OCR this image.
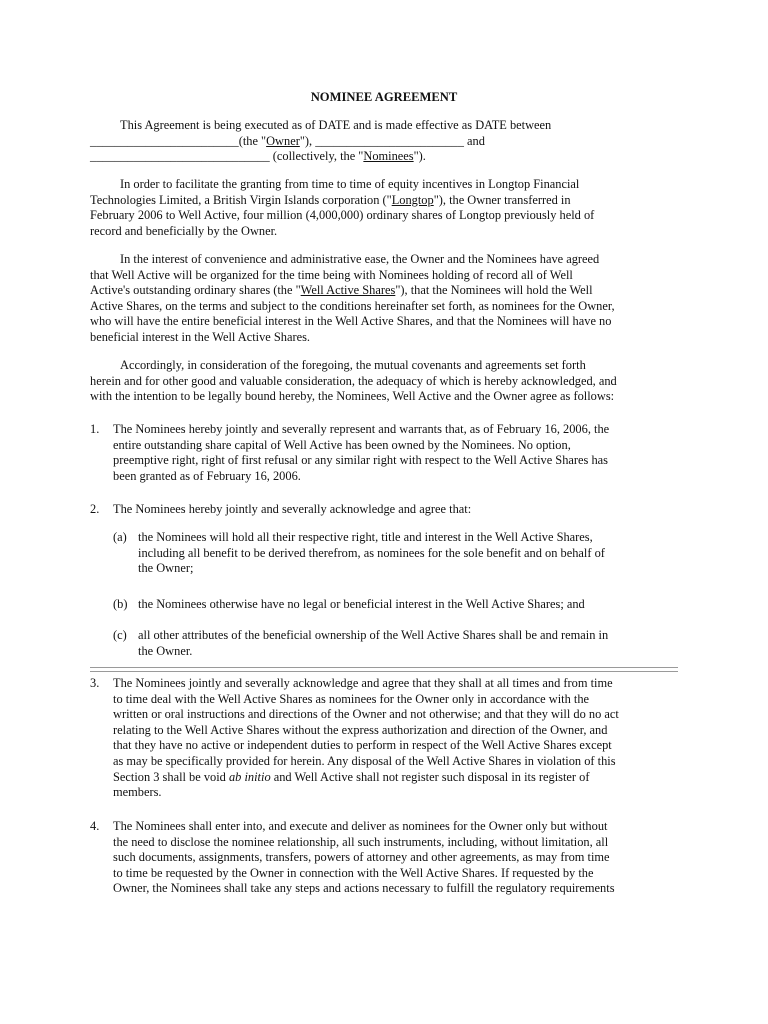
NOMINEE AGREEMENT
This Agreement is being executed as of DATE and is made effective as DATE between
________________________(the "Owner"), ________________________ and
_____________________________ (collectively, the "Nominees").
In order to facilitate the granting from time to time of equity incentives in Longtop Financial
Technologies Limited, a British Virgin Islands corporation ("Longtop"), the Owner transferred in
February 2006 to Well Active, four million (4,000,000) ordinary shares of Longtop previously held of
record and beneficially by the Owner.
In the interest of convenience and administrative ease, the Owner and the Nominees have agreed
that Well Active will be organized for the time being with Nominees holding of record all of Well
Active's outstanding ordinary shares (the "Well Active Shares"), that the Nominees will hold the Well
Active Shares, on the terms and subject to the conditions hereinafter set forth, as nominees for the Owner,
who will have the entire beneficial interest in the Well Active Shares, and that the Nominees will have no
beneficial interest in the Well Active Shares.
Accordingly, in consideration of the foregoing, the mutual covenants and agreements set forth
herein and for other good and valuable consideration, the adequacy of which is hereby acknowledged, and
with the intention to be legally bound hereby, the Nominees, Well Active and the Owner agree as follows:
1. The Nominees hereby jointly and severally represent and warrants that, as of February 16, 2006, the
entire outstanding share capital of Well Active has been owned by the Nominees. No option,
preemptive right, right of first refusal or any similar right with respect to the Well Active Shares has
been granted as of February 16, 2006.
2. The Nominees hereby jointly and severally acknowledge and agree that:
(a) the Nominees will hold all their respective right, title and interest in the Well Active Shares,
including all benefit to be derived therefrom, as nominees for the sole benefit and on behalf of
the Owner;
(b) the Nominees otherwise have no legal or beneficial interest in the Well Active Shares; and
(c) all other attributes of the beneficial ownership of the Well Active Shares shall be and remain in
the Owner.
3. The Nominees jointly and severally acknowledge and agree that they shall at all times and from time
to time deal with the Well Active Shares as nominees for the Owner only in accordance with the
written or oral instructions and directions of the Owner and not otherwise; and that they will do no act
relating to the Well Active Shares without the express authorization and direction of the Owner, and
that they have no active or independent duties to perform in respect of the Well Active Shares except
as may be specifically provided for herein. Any disposal of the Well Active Shares in violation of this
Section 3 shall be void ab initio and Well Active shall not register such disposal in its register of
members.
4. The Nominees shall enter into, and execute and deliver as nominees for the Owner only but without
the need to disclose the nominee relationship, all such instruments, including, without limitation, all
such documents, assignments, transfers, powers of attorney and other agreements, as may from time
to time be requested by the Owner in connection with the Well Active Shares. If requested by the
Owner, the Nominees shall take any steps and actions necessary to fulfill the regulatory requirements
